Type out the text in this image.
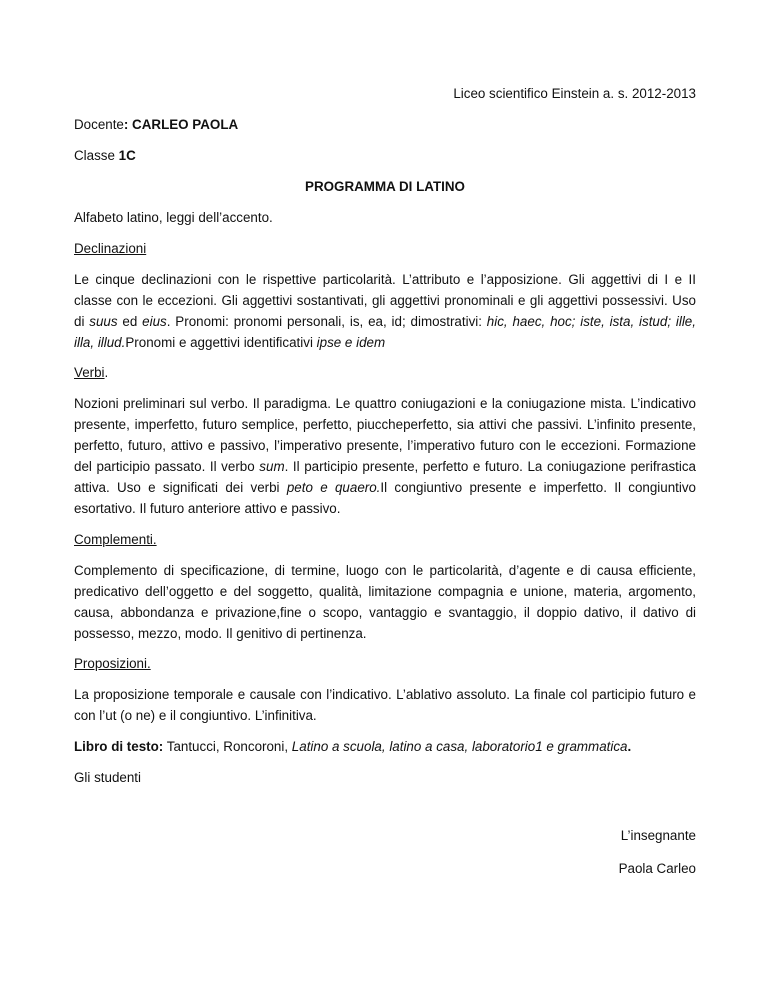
Liceo scientifico Einstein a. s. 2012-2013

Docente: CARLEO PAOLA

Classe 1C

PROGRAMMA DI LATINO

Alfabeto latino, leggi dell’accento.

Declinazioni

Le cinque declinazioni con le rispettive particolarità. L’attributo e l’apposizione. Gli aggettivi di I e II classe con le eccezioni. Gli aggettivi sostantivati, gli aggettivi pronominali e gli aggettivi possessivi. Uso di suus ed eius. Pronomi: pronomi personali, is, ea, id; dimostrativi: hic, haec, hoc; iste, ista, istud; ille, illa, illud.Pronomi e aggettivi identificativi ipse e idem

Verbi.

Nozioni preliminari sul verbo. Il paradigma. Le quattro coniugazioni e la coniugazione mista. L’indicativo presente, imperfetto, futuro semplice, perfetto, piuccheperfetto, sia attivi che passivi. L’infinito presente, perfetto, futuro, attivo e passivo, l’imperativo presente, l’imperativo futuro con le eccezioni. Formazione del participio passato. Il verbo sum. Il participio presente, perfetto e futuro. La coniugazione perifrastica attiva. Uso e significati dei verbi peto e quaero.Il congiuntivo presente e imperfetto. Il congiuntivo esortativo. Il futuro anteriore attivo e passivo.

Complementi.

Complemento di specificazione, di termine, luogo con le particolarità, d’agente e di causa efficiente, predicativo dell’oggetto e del soggetto, qualità, limitazione compagnia e unione, materia, argomento, causa, abbondanza e privazione,fine o scopo, vantaggio e svantaggio, il doppio dativo, il dativo di possesso, mezzo, modo. Il genitivo di pertinenza.

Proposizioni.

La proposizione temporale e causale con l’indicativo. L’ablativo assoluto. La finale col participio futuro e con l’ut (o ne) e il congiuntivo. L’infinitiva.

Libro di testo: Tantucci, Roncoroni, Latino a scuola, latino a casa, laboratorio1 e grammatica.

Gli studenti

L’insegnante

Paola Carleo
